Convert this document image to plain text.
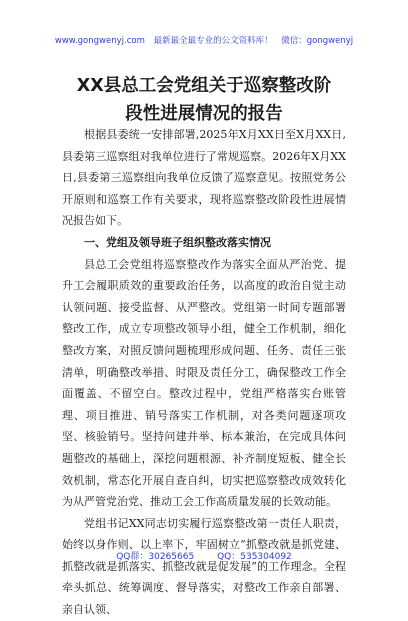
www.gongwenyj.com 最新最全最专业的公文资料库！ 微信：gongwenyj
XX县总工会党组关于巡察整改阶段性进展情况的报告

根据县委统一安排部署,2025年X月XX日至X月XX日,县委第三巡察组对我单位进行了常规巡察。2026年X月XX日,县委第三巡察组向我单位反馈了巡察意见。按照党务公开原则和巡察工作有关要求，现将巡察整改阶段性进展情况报告如下。

一、党组及领导班子组织整改落实情况

县总工会党组将巡察整改作为落实全面从严治党、提升工会履职质效的重要政治任务，以高度的政治自觉主动认领问题、接受监督、从严整改。党组第一时间专题部署整改工作，成立专项整改领导小组，健全工作机制，细化整改方案，对照反馈问题梳理形成问题、任务、责任三张清单，明确整改举措、时限及责任分工，确保整改工作全面覆盖、不留空白。整改过程中，党组严格落实台账管理、项目推进、销号落实工作机制，对各类问题逐项攻坚、核验销号。坚持问建并举、标本兼治，在完成具体问题整改的基础上，深挖问题根源、补齐制度短板、健全长效机制，常态化开展自查自纠，切实把巡察整改成效转化为从严管党治党、推动工会工作高质量发展的长效动能。

党组书记XX同志切实履行巡察整改第一责任人职责，始终以身作则、以上率下，牢固树立“抓整改就是抓党建、抓整改就是抓落实、抓整改就是促发展”的工作理念。全程牵头抓总、统筹调度、督导落实，对整改工作亲自部署、亲自认领、

QQ群：30265665	QQ：535304092
